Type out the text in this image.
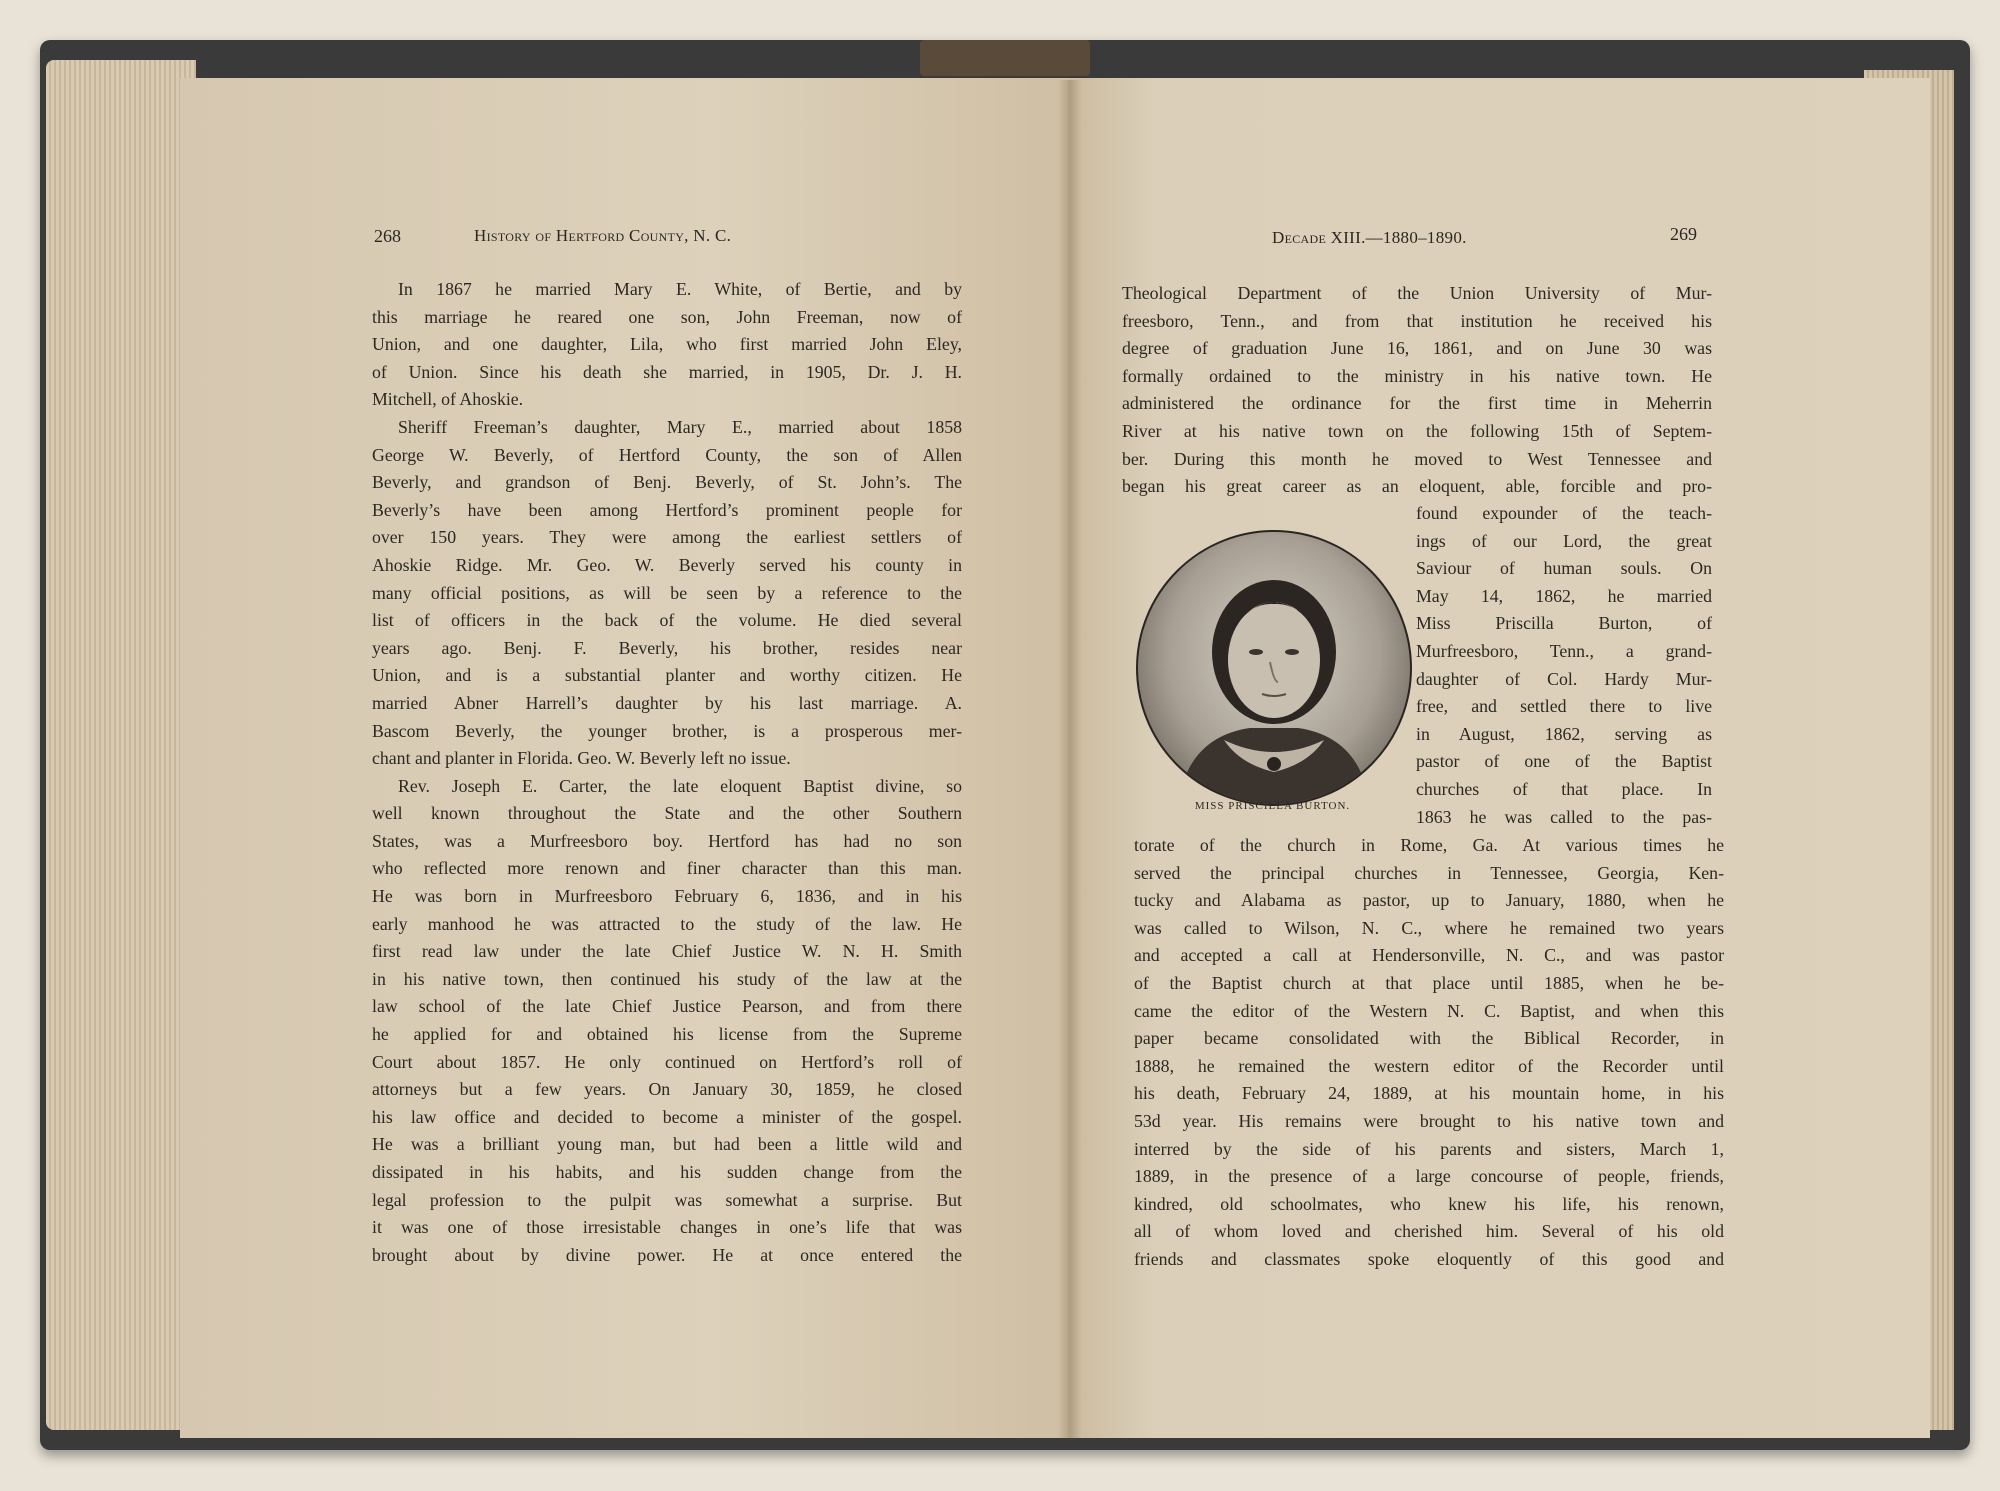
268	History of Hertford County, N. C.
In 1867 he married Mary E. White, of Bertie, and by
this marriage he reared one son, John Freeman, now of
Union, and one daughter, Lila, who first married John Eley,
of Union. Since his death she married, in 1905, Dr. J. H.
Mitchell, of Ahoskie.
Sheriff Freeman’s daughter, Mary E., married about 1858
George W. Beverly, of Hertford County, the son of Allen
Beverly, and grandson of Benj. Beverly, of St. John’s. The
Beverly’s have been among Hertford’s prominent people for
over 150 years. They were among the earliest settlers of
Ahoskie Ridge. Mr. Geo. W. Beverly served his county in
many official positions, as will be seen by a reference to the
list of officers in the back of the volume. He died several
years ago. Benj. F. Beverly, his brother, resides near
Union, and is a substantial planter and worthy citizen. He
married Abner Harrell’s daughter by his last marriage. A.
Bascom Beverly, the younger brother, is a prosperous mer-
chant and planter in Florida. Geo. W. Beverly left no issue.
Rev. Joseph E. Carter, the late eloquent Baptist divine, so
well known throughout the State and the other Southern
States, was a Murfreesboro boy. Hertford has had no son
who reflected more renown and finer character than this man.
He was born in Murfreesboro February 6, 1836, and in his
early manhood he was attracted to the study of the law. He
first read law under the late Chief Justice W. N. H. Smith
in his native town, then continued his study of the law at the
law school of the late Chief Justice Pearson, and from there
he applied for and obtained his license from the Supreme
Court about 1857. He only continued on Hertford’s roll of
attorneys but a few years. On January 30, 1859, he closed
his law office and decided to become a minister of the gospel.
He was a brilliant young man, but had been a little wild and
dissipated in his habits, and his sudden change from the
legal profession to the pulpit was somewhat a surprise. But
it was one of those irresistable changes in one’s life that was
brought about by divine power. He at once entered the
Decade XIII.—1880–1890.	269
Theological Department of the Union University of Mur-
freesboro, Tenn., and from that institution he received his
degree of graduation June 16, 1861, and on June 30 was
formally ordained to the ministry in his native town. He
administered the ordinance for the first time in Meherrin
River at his native town on the following 15th of Septem-
ber. During this month he moved to West Tennessee and
began his great career as an eloquent, able, forcible and pro-
MISS PRISCILLA BURTON.
found expounder of the teach-
ings of our Lord, the great
Saviour of human souls. On
May 14, 1862, he married
Miss Priscilla Burton, of
Murfreesboro, Tenn., a grand-
daughter of Col. Hardy Mur-
free, and settled there to live
in August, 1862, serving as
pastor of one of the Baptist
churches of that place. In
1863 he was called to the pas-
torate of the church in Rome, Ga. At various times he
served the principal churches in Tennessee, Georgia, Ken-
tucky and Alabama as pastor, up to January, 1880, when he
was called to Wilson, N. C., where he remained two years
and accepted a call at Hendersonville, N. C., and was pastor
of the Baptist church at that place until 1885, when he be-
came the editor of the Western N. C. Baptist, and when this
paper became consolidated with the Biblical Recorder, in
1888, he remained the western editor of the Recorder until
his death, February 24, 1889, at his mountain home, in his
53d year. His remains were brought to his native town and
interred by the side of his parents and sisters, March 1,
1889, in the presence of a large concourse of people, friends,
kindred, old schoolmates, who knew his life, his renown,
all of whom loved and cherished him. Several of his old
friends and classmates spoke eloquently of this good and
